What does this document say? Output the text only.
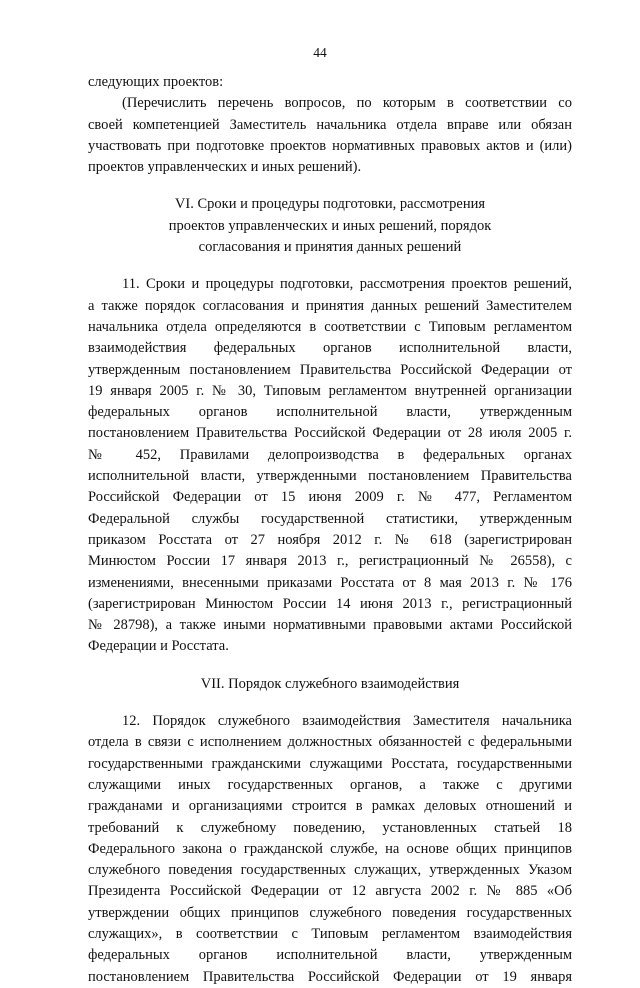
44
следующих проектов:
(Перечислить перечень вопросов, по которым в соответствии со
своей компетенцией Заместитель начальника отдела вправе или обязан
участвовать при подготовке проектов нормативных правовых актов и (или)
проектов управленческих и иных решений).
VI. Сроки и процедуры подготовки, рассмотрения
проектов управленческих и иных решений, порядок
согласования и принятия данных решений
11. Сроки и процедуры подготовки, рассмотрения проектов решений,
а также порядок согласования и принятия данных решений Заместителем
начальника отдела определяются в соответствии с Типовым регламентом
взаимодействия федеральных органов исполнительной власти,
утвержденным постановлением Правительства Российской Федерации от
19 января 2005 г. № 30, Типовым регламентом внутренней организации
федеральных органов исполнительной власти, утвержденным
постановлением Правительства Российской Федерации от 28 июля 2005 г.
№ 452, Правилами делопроизводства в федеральных органах
исполнительной власти, утвержденными постановлением Правительства
Российской Федерации от 15 июня 2009 г. № 477, Регламентом
Федеральной службы государственной статистики, утвержденным
приказом Росстата от 27 ноября 2012 г. № 618 (зарегистрирован
Минюстом России 17 января 2013 г., регистрационный № 26558), с
изменениями, внесенными приказами Росстата от 8 мая 2013 г. № 176
(зарегистрирован Минюстом России 14 июня 2013 г., регистрационный
№ 28798), а также иными нормативными правовыми актами Российской
Федерации и Росстата.
VII. Порядок служебного взаимодействия
12. Порядок служебного взаимодействия Заместителя начальника
отдела в связи с исполнением должностных обязанностей с федеральными
государственными гражданскими служащими Росстата, государственными
служащими иных государственных органов, а также с другими
гражданами и организациями строится в рамках деловых отношений и
требований к служебному поведению, установленных статьей 18
Федерального закона о гражданской службе, на основе общих принципов
служебного поведения государственных служащих, утвержденных Указом
Президента Российской Федерации от 12 августа 2002 г. № 885 «Об
утверждении общих принципов служебного поведения государственных
служащих», в соответствии с Типовым регламентом взаимодействия
федеральных органов исполнительной власти, утвержденным
постановлением Правительства Российской Федерации от 19 января
